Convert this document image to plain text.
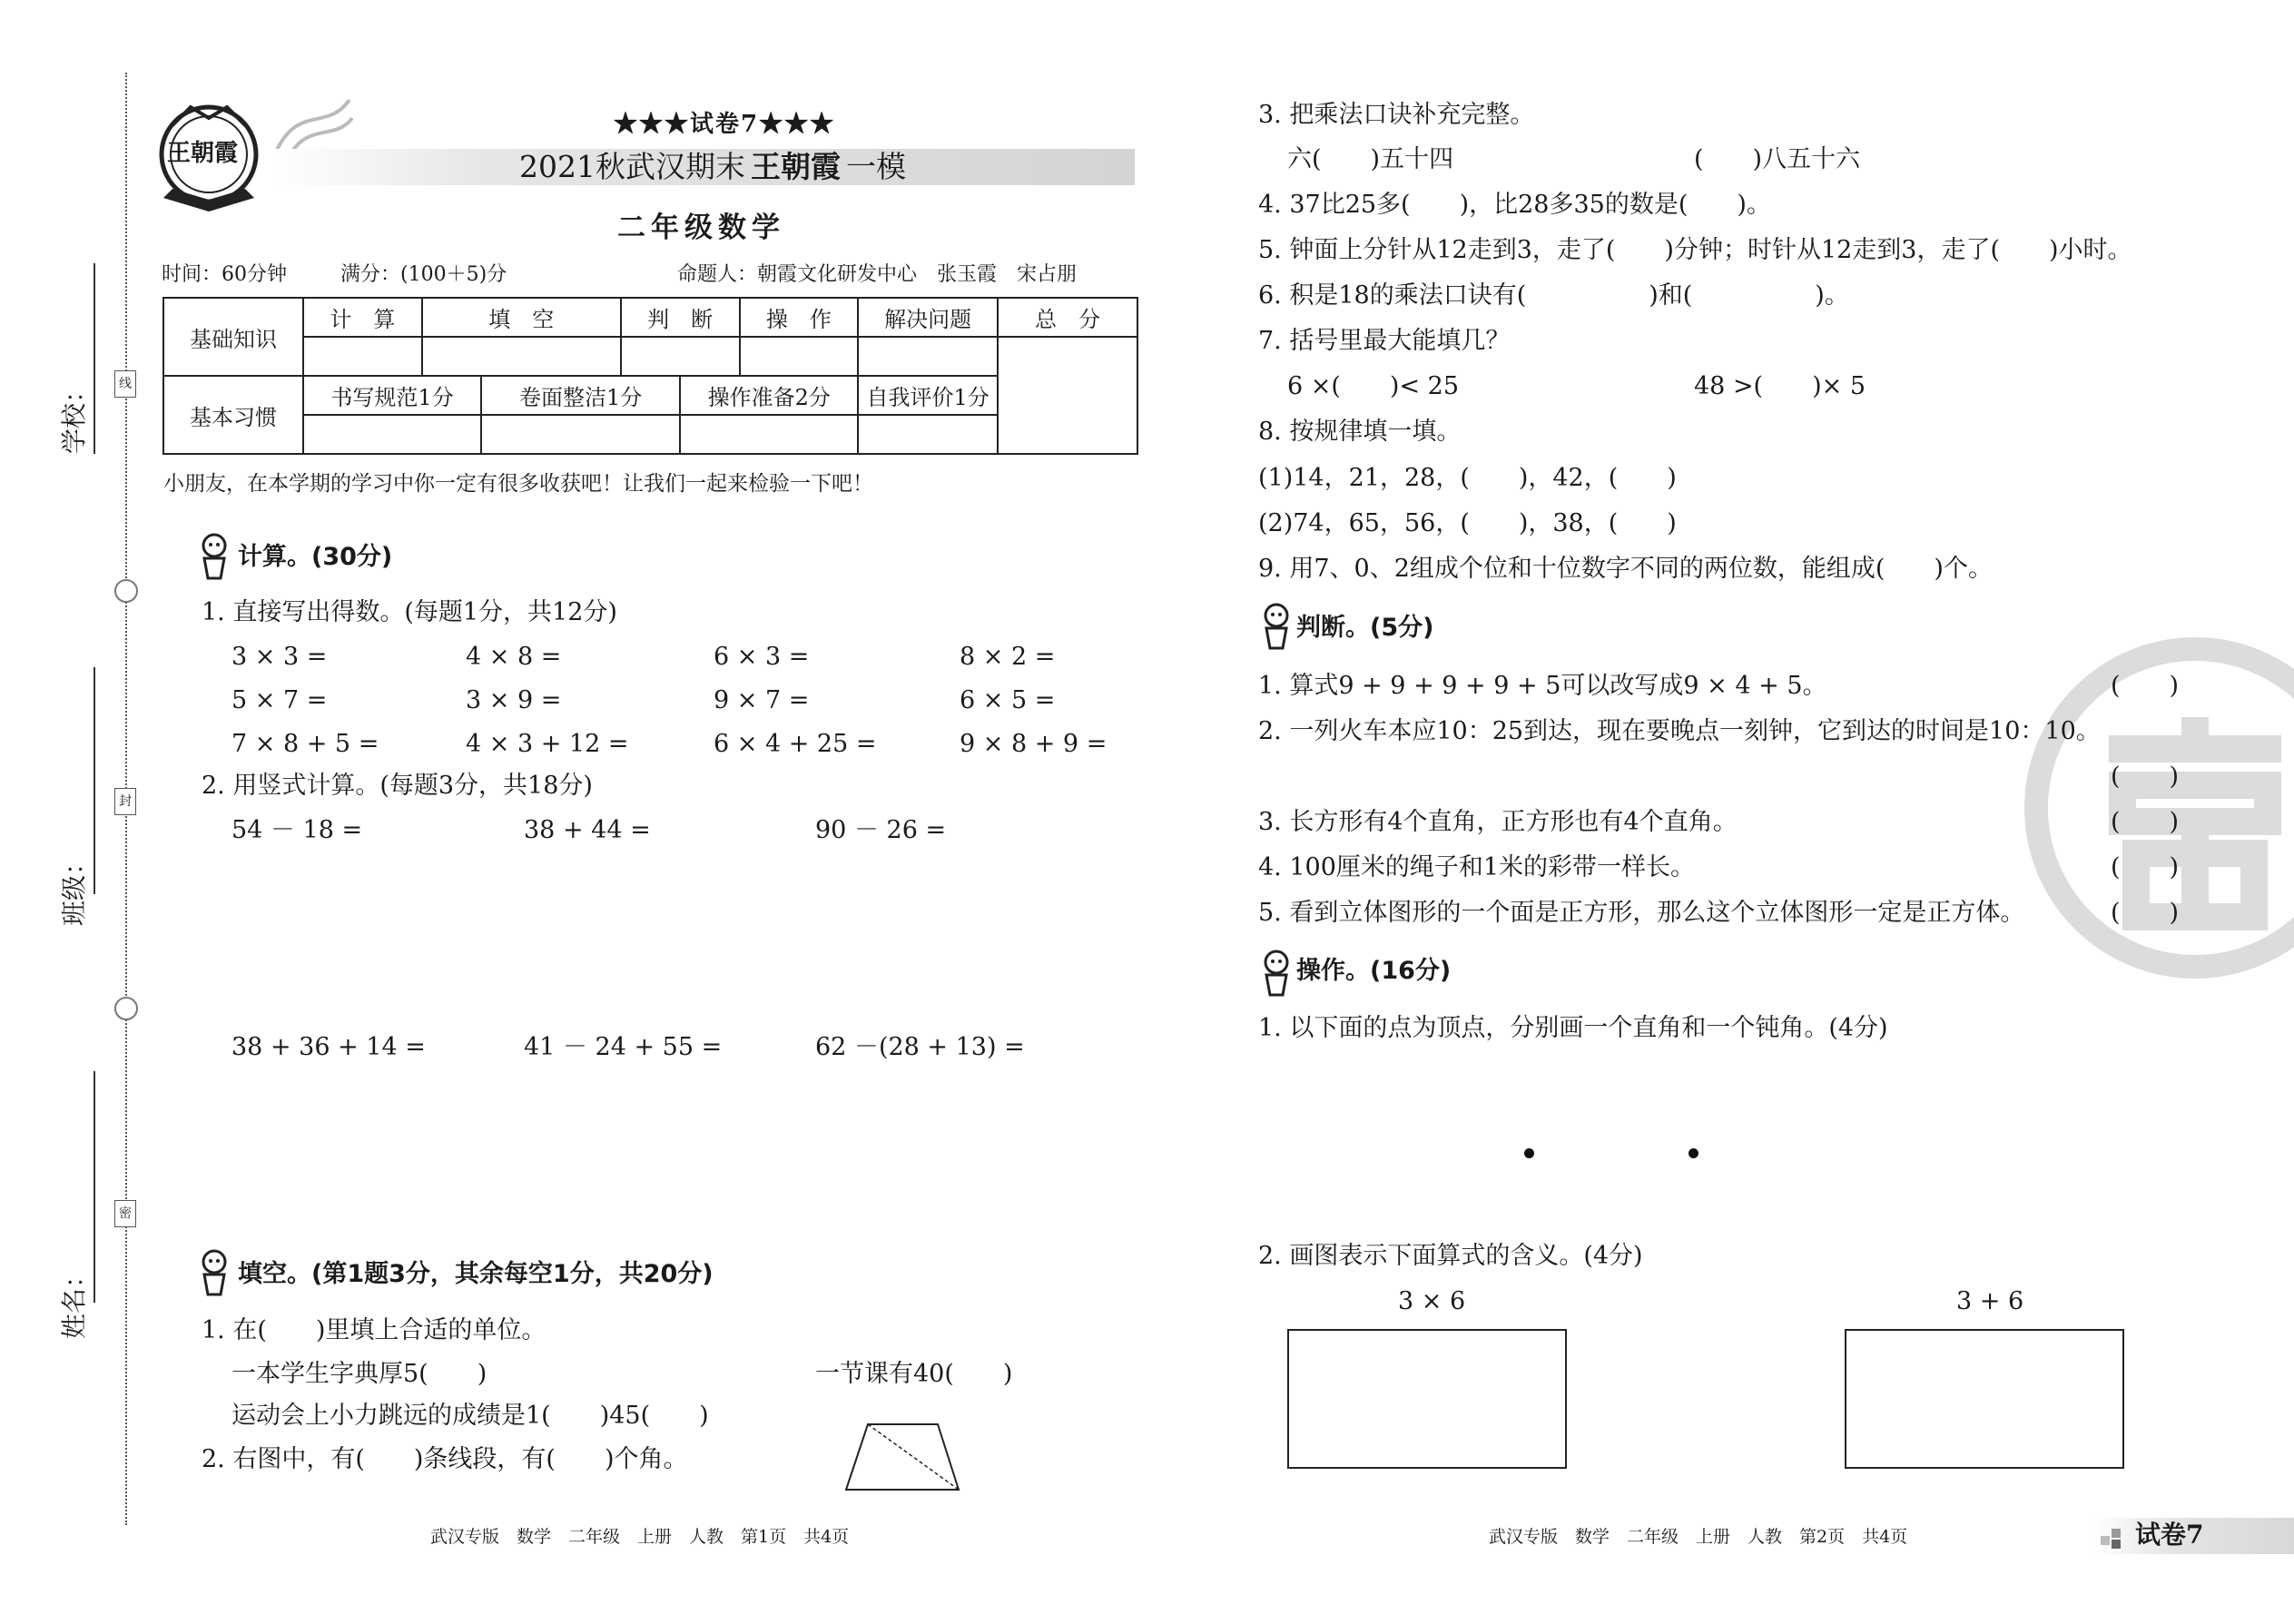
学校：
班级：
姓名：
线
封
密
王朝霞
★★★试卷7★★★
2021秋武汉期末 王朝霞 一模
二年级数学
时间：60分钟	满分：(100＋5)分	命题人：朝霞文化研发中心　张玉霞　宋占朋
基础知识	计　算	填　空		判　断		操　作	解决问题	总　分

基本习惯	书写规范1分		卷面整洁1分		操作准备2分		自我评价1分	

小朋友，在本学期的学习中你一定有很多收获吧！让我们一起来检验一下吧！
计算。(30分)
1. 直接写出得数。(每题1分，共12分)
3 × 3 =	4 × 8 =	6 × 3 =	8 × 2 =
5 × 7 =	3 × 9 =	9 × 7 =	6 × 5 =
7 × 8 + 5 =	4 × 3 + 12 =	6 × 4 + 25 =	9 × 8 + 9 =
2. 用竖式计算。(每题3分，共18分)
54 － 18 =	38 + 44 =	90 － 26 =
38 + 36 + 14 =	41 － 24 + 55 =	62 －(28 + 13) =
填空。(第1题3分，其余每空1分，共20分)
1. 在(　　)里填上合适的单位。
一本学生字典厚5(　　)	一节课有40(　　)
运动会上小力跳远的成绩是1(　　)45(　　)
2. 右图中，有(　　)条线段，有(　　)个角。
武汉专版　数学　二年级　上册　人教　第1页　共4页
3. 把乘法口诀补充完整。
六(　　)五十四	(　　)八五十六
4. 37比25多(　　)，比28多35的数是(　　)。
5. 钟面上分针从12走到3，走了(　　)分钟；时针从12走到3，走了(　　)小时。
6. 积是18的乘法口诀有(　　　　　)和(　　　　　)。
7. 括号里最大能填几？
6 ×(　　)< 25	48 >(　　)× 5
8. 按规律填一填。
(1)14，21，28，(　　)，42，(　　)
(2)74，65，56，(　　)，38，(　　)
9. 用7、0、2组成个位和十位数字不同的两位数，能组成(　　)个。
判断。(5分)
1. 算式9 + 9 + 9 + 9 + 5可以改写成9 × 4 + 5。	(　　)
2. 一列火车本应10：25到达，现在要晚点一刻钟，它到达的时间是10：10。
(　　)
3. 长方形有4个直角，正方形也有4个直角。	(　　)
4. 100厘米的绳子和1米的彩带一样长。	(　　)
5. 看到立体图形的一个面是正方形，那么这个立体图形一定是正方体。	(　　)
操作。(16分)
1. 以下面的点为顶点，分别画一个直角和一个钝角。(4分)
2. 画图表示下面算式的含义。(4分)
3 × 6	3 + 6
武汉专版　数学　二年级　上册　人教　第2页　共4页	试卷7
